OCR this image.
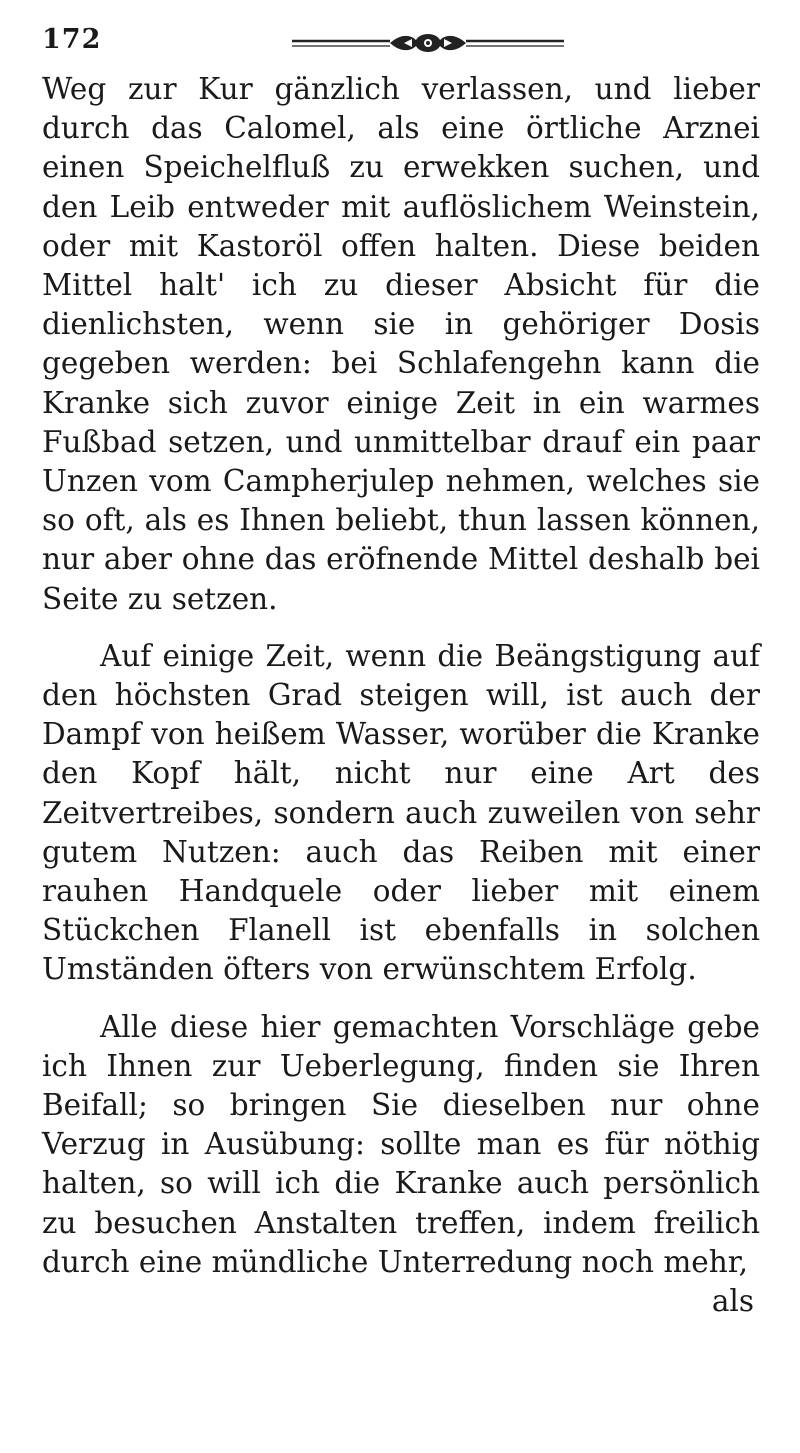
172

Weg zur Kur gänzlich verlassen, und lieber durch das Calomel, als eine örtliche Arznei einen Speichelfluß zu erwekken suchen, und den Leib entweder mit auflöslichem Weinstein, oder mit Kastoröl offen halten. Diese beiden Mittel halt' ich zu dieser Absicht für die dienlichsten, wenn sie in gehöriger Dosis gegeben werden: bei Schlafengehn kann die Kranke sich zuvor einige Zeit in ein warmes Fußbad setzen, und unmittelbar drauf ein paar Unzen vom Campherjulep nehmen, welches sie so oft, als es Ihnen beliebt, thun lassen können, nur aber ohne das eröfnende Mittel deshalb bei Seite zu setzen.

Auf einige Zeit, wenn die Beängstigung auf den höchsten Grad steigen will, ist auch der Dampf von heißem Wasser, worüber die Kranke den Kopf hält, nicht nur eine Art des Zeitvertreibes, sondern auch zuweilen von sehr gutem Nutzen: auch das Reiben mit einer rauhen Handquele oder lieber mit einem Stückchen Flanell ist ebenfalls in solchen Umständen öfters von erwünschtem Erfolg.

Alle diese hier gemachten Vorschläge gebe ich Ihnen zur Ueberlegung, finden sie Ihren Beifall; so bringen Sie dieselben nur ohne Verzug in Ausübung: sollte man es für nöthig halten, so will ich die Kranke auch persönlich zu besuchen Anstalten treffen, indem freilich durch eine mündliche Unterredung noch mehr,

als
